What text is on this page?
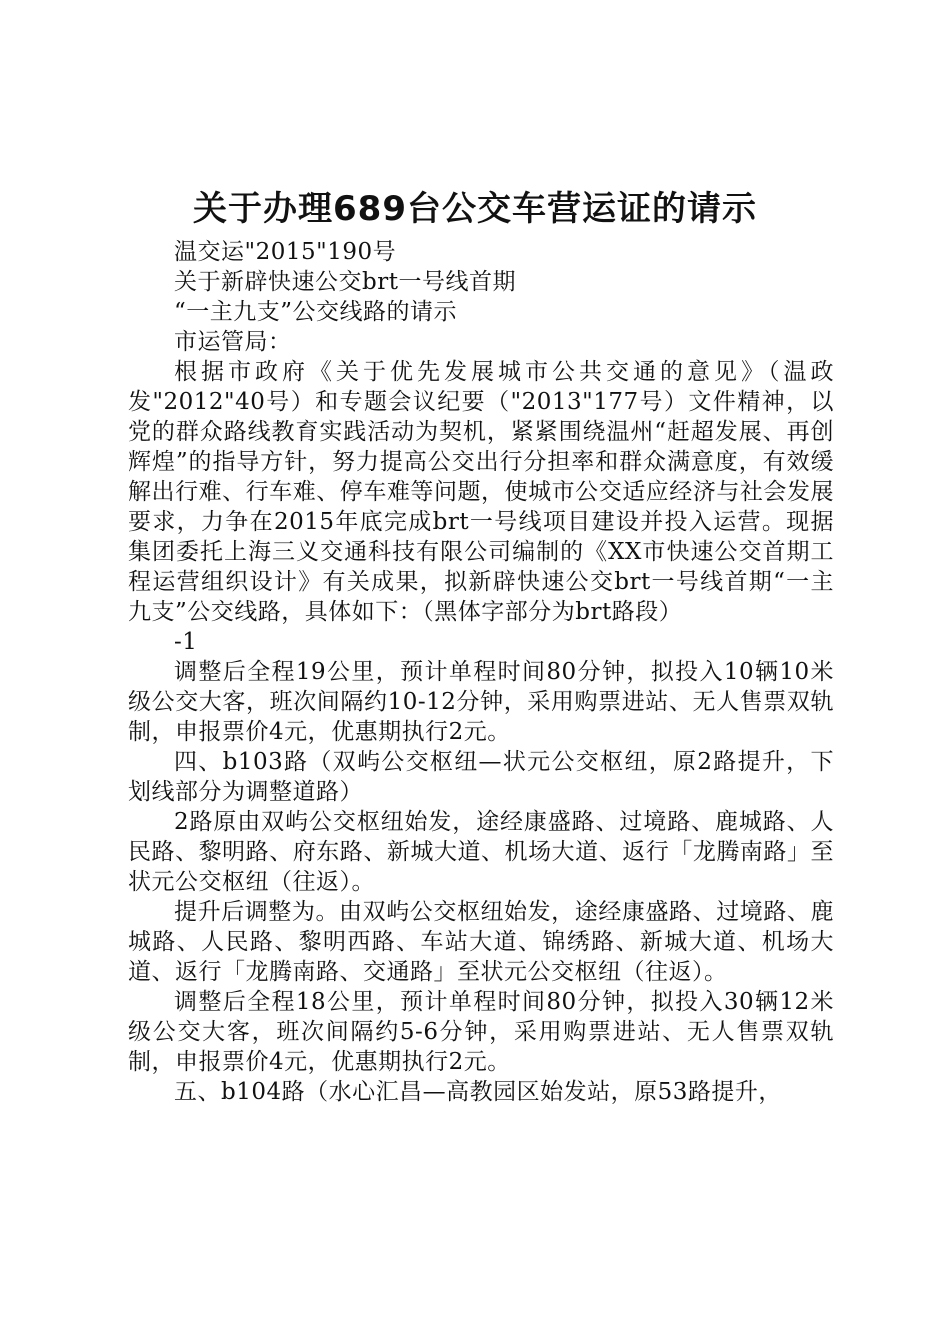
关于办理689台公交车营运证的请示

温交运"2015"190号

关于新辟快速公交brt一号线首期

“一主九支”公交线路的请示

市运管局：

根据市政府《关于优先发展城市公共交通的意见》（温政发"2012"40号）和专题会议纪要（"2013"177号）文件精神，以党的群众路线教育实践活动为契机，紧紧围绕温州“赶超发展、再创辉煌”的指导方针，努力提高公交出行分担率和群众满意度，有效缓解出行难、行车难、停车难等问题，使城市公交适应经济与社会发展要求，力争在2015年底完成brt一号线项目建设并投入运营。现据集团委托上海三义交通科技有限公司编制的《XX市快速公交首期工程运营组织设计》有关成果，拟新辟快速公交brt一号线首期“一主九支”公交线路，具体如下：（黑体字部分为brt路段）

-1

调整后全程19公里，预计单程时间80分钟，拟投入10辆10米级公交大客，班次间隔约10-12分钟，采用购票进站、无人售票双轨制，申报票价4元，优惠期执行2元。

四、b103路（双屿公交枢纽—状元公交枢纽，原2路提升，下划线部分为调整道路）

2路原由双屿公交枢纽始发，途经康盛路、过境路、鹿城路、人民路、黎明路、府东路、新城大道、机场大道、返行「龙腾南路」至状元公交枢纽（往返）。

提升后调整为。由双屿公交枢纽始发，途经康盛路、过境路、鹿城路、人民路、黎明西路、车站大道、锦绣路、新城大道、机场大道、返行「龙腾南路、交通路」至状元公交枢纽（往返）。

调整后全程18公里，预计单程时间80分钟，拟投入30辆12米级公交大客，班次间隔约5-6分钟，采用购票进站、无人售票双轨制，申报票价4元，优惠期执行2元。

五、b104路（水心汇昌—高教园区始发站，原53路提升，
